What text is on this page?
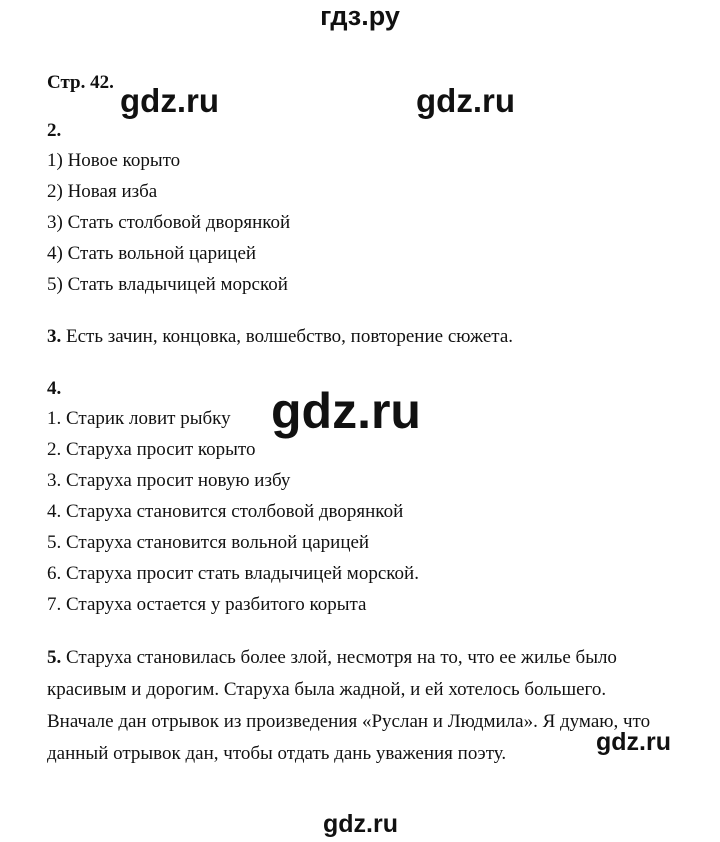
гдз.ру
Стр. 42.
2.
1) Новое корыто
2) Новая изба
3) Стать столбовой дворянкой
4) Стать вольной царицей
5) Стать владычицей морской
3. Есть зачин, концовка, волшебство, повторение сюжета.
4.
1. Старик ловит рыбку
2. Старуха просит корыто
3. Старуха просит новую избу
4. Старуха становится столбовой дворянкой
5. Старуха становится вольной царицей
6. Старуха просит стать владычицей морской.
7. Старуха остается у разбитого корыта
5. Старуха становилась более злой, несмотря на то, что ее жилье было красивым и дорогим. Старуха была жадной, и ей хотелось большего. Вначале дан отрывок из произведения «Руслан и Людмила». Я думаю, что данный отрывок дан, чтобы отдать дань уважения поэту.
gdz.ru	gdz.ru
gdz.ru
gdz.ru
gdz.ru
